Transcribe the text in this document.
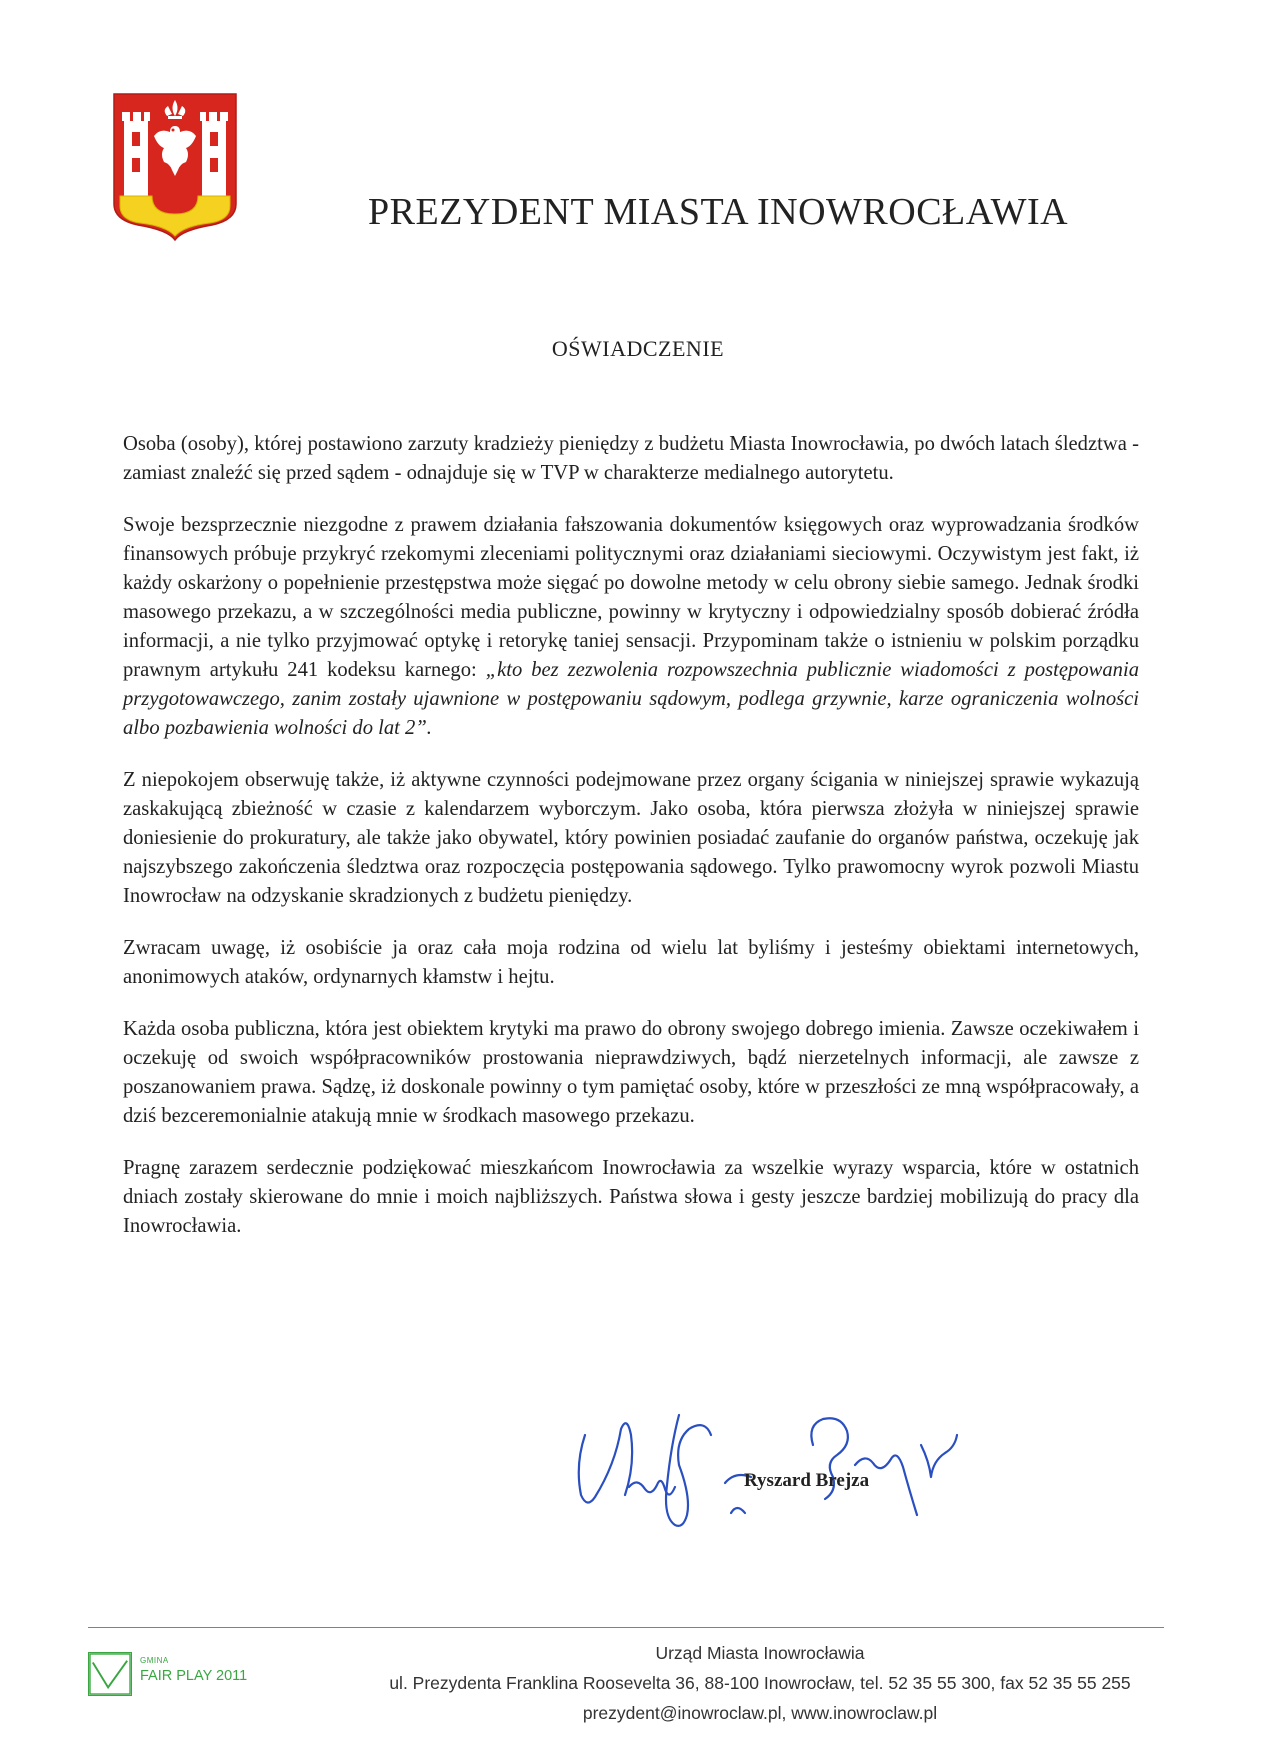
PREZYDENT MIASTA INOWROCŁAWIA
OŚWIADCZENIE

Osoba (osoby), której postawiono zarzuty kradzieży pieniędzy z budżetu Miasta Inowrocławia, po dwóch latach śledztwa - zamiast znaleźć się przed sądem - odnajduje się w TVP w charakterze medialnego autorytetu.

Swoje bezsprzecznie niezgodne z prawem działania fałszowania dokumentów księgowych oraz wyprowadzania środków finansowych próbuje przykryć rzekomymi zleceniami politycznymi oraz działaniami sieciowymi. Oczywistym jest fakt, iż każdy oskarżony o popełnienie przestępstwa może sięgać po dowolne metody w celu obrony siebie samego. Jednak środki masowego przekazu, a w szczególności media publiczne, powinny w krytyczny i odpowiedzialny sposób dobierać źródła informacji, a nie tylko przyjmować optykę i retorykę taniej sensacji. Przypominam także o istnieniu w polskim porządku prawnym artykułu 241 kodeksu karnego: „kto bez zezwolenia rozpowszechnia publicznie wiadomości z postępowania przygotowawczego, zanim zostały ujawnione w postępowaniu sądowym, podlega grzywnie, karze ograniczenia wolności albo pozbawienia wolności do lat 2”.

Z niepokojem obserwuję także, iż aktywne czynności podejmowane przez organy ścigania w niniejszej sprawie wykazują zaskakującą zbieżność w czasie z kalendarzem wyborczym. Jako osoba, która pierwsza złożyła w niniejszej sprawie doniesienie do prokuratury, ale także jako obywatel, który powinien posiadać zaufanie do organów państwa, oczekuję jak najszybszego zakończenia śledztwa oraz rozpoczęcia postępowania sądowego. Tylko prawomocny wyrok pozwoli Miastu Inowrocław na odzyskanie skradzionych z budżetu pieniędzy.

Zwracam uwagę, iż osobiście ja oraz cała moja rodzina od wielu lat byliśmy i jesteśmy obiektami internetowych, anonimowych ataków, ordynarnych kłamstw i hejtu.

Każda osoba publiczna, która jest obiektem krytyki ma prawo do obrony swojego dobrego imienia. Zawsze oczekiwałem i oczekuję od swoich współpracowników prostowania nieprawdziwych, bądź nierzetelnych informacji, ale zawsze z poszanowaniem prawa. Sądzę, iż doskonale powinny o tym pamiętać osoby, które w przeszłości ze mną współpracowały, a dziś bezceremonialnie atakują mnie w środkach masowego przekazu.

Pragnę zarazem serdecznie podziękować mieszkańcom Inowrocławia za wszelkie wyrazy wsparcia, które w ostatnich dniach zostały skierowane do mnie i moich najbliższych. Państwa słowa i gesty jeszcze bardziej mobilizują do pracy dla Inowrocławia.

Ryszard Brejza
GMINA
FAIR PLAY 2011
Urząd Miasta Inowrocławia
ul. Prezydenta Franklina Roosevelta 36, 88-100 Inowrocław, tel. 52 35 55 300, fax 52 35 55 255
prezydent@inowroclaw.pl, www.inowroclaw.pl
